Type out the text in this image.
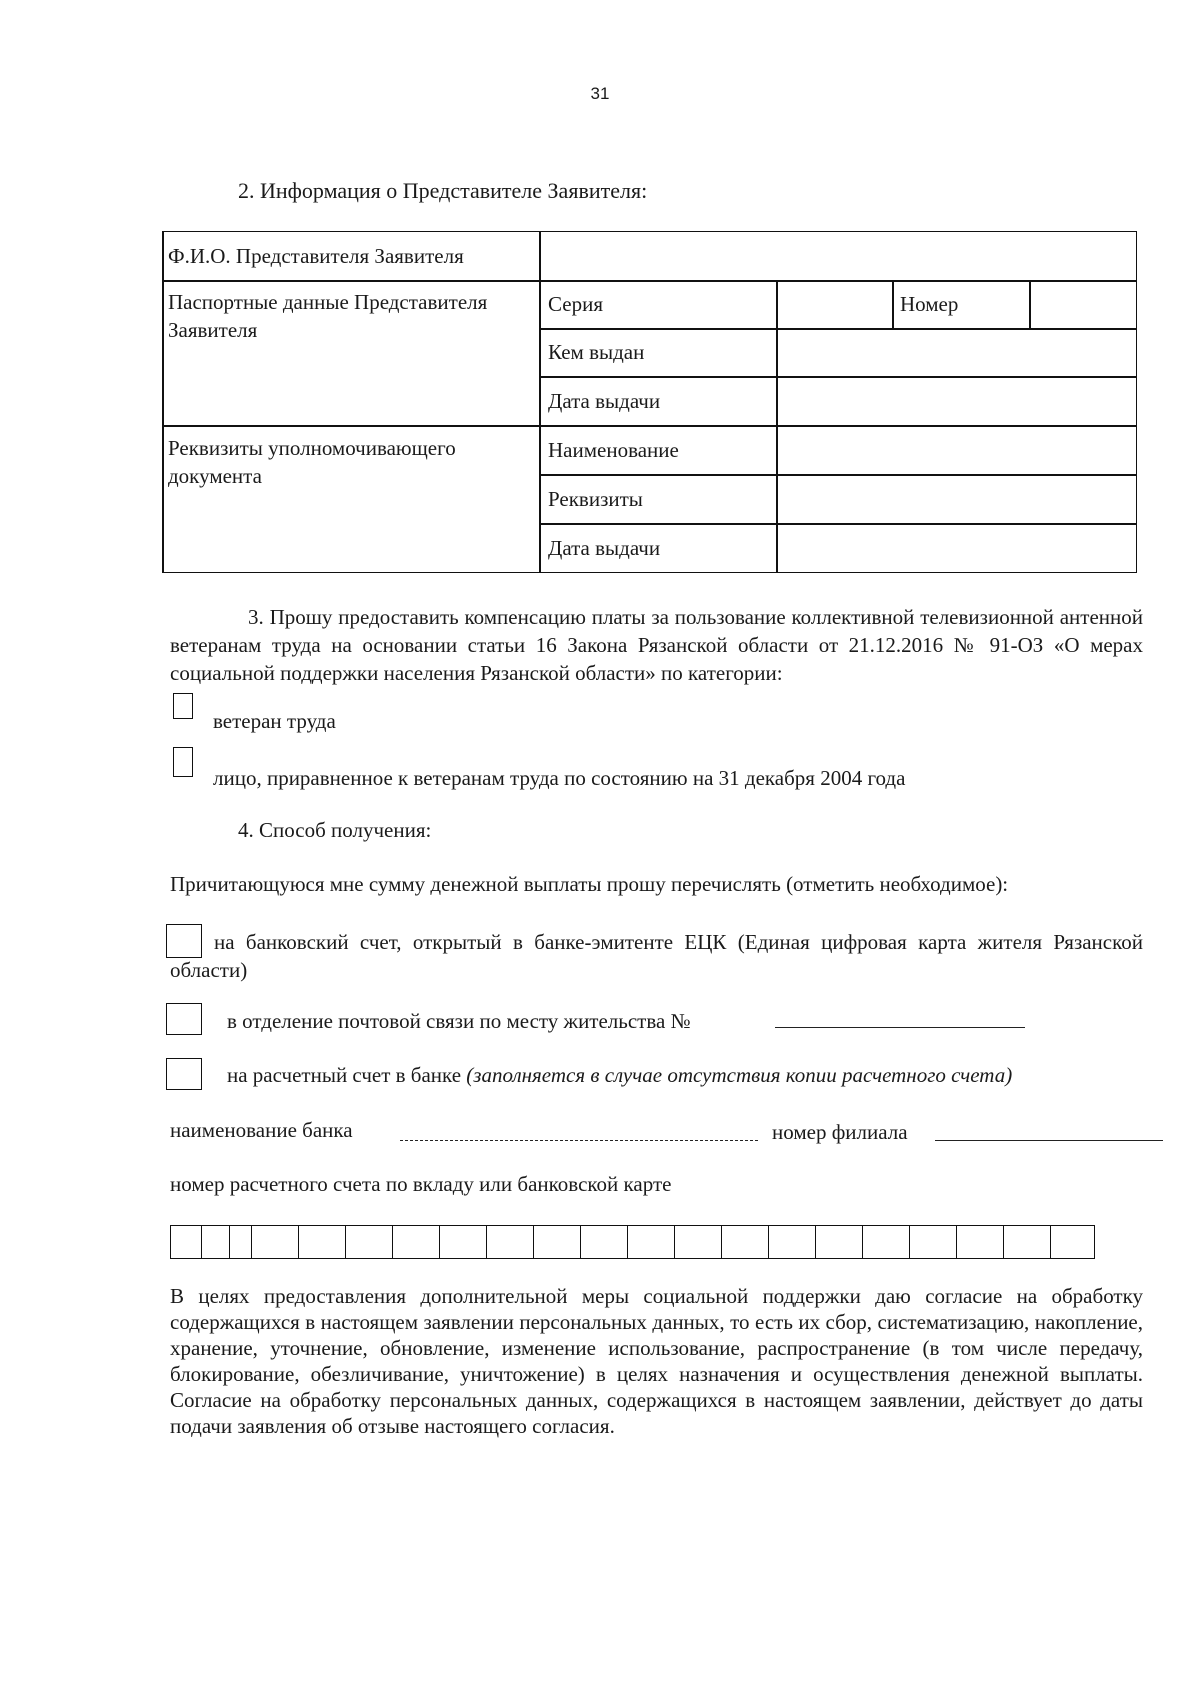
31
2. Информация о Представителе Заявителя:
Ф.И.О. Представителя Заявителя
Паспортные данные Представителя Заявителя
Серия	Номер
Кем выдан
Дата выдачи
Реквизиты уполномочивающего документа
Наименование
Реквизиты
Дата выдачи
3. Прошу предоставить компенсацию платы за пользование коллективной телевизионной антенной ветеранам труда на основании статьи 16 Закона Рязанской области от 21.12.2016 № 91-ОЗ «О мерах социальной поддержки населения Рязанской области» по категории:
ветеран труда
лицо, приравненное к ветеранам труда по состоянию на 31 декабря 2004 года
4. Способ получения:
Причитающуюся мне сумму денежной выплаты прошу перечислять (отметить необходимое):
на банковский счет, открытый в банке-эмитенте ЕЦК (Единая цифровая карта жителя Рязанской области)
в отделение почтовой связи по месту жительства №
на расчетный счет в банке (заполняется в случае отсутствия копии расчетного счета)
наименование банка	номер филиала
номер расчетного счета по вкладу или банковской карте
В целях предоставления дополнительной меры социальной поддержки даю согласие на обработку содержащихся в настоящем заявлении персональных данных, то есть их сбор, систематизацию, накопление, хранение, уточнение, обновление, изменение использование, распространение (в том числе передачу, блокирование, обезличивание, уничтожение) в целях назначения и осуществления денежной выплаты. Согласие на обработку персональных данных, содержащихся в настоящем заявлении, действует до даты подачи заявления об отзыве настоящего согласия.
